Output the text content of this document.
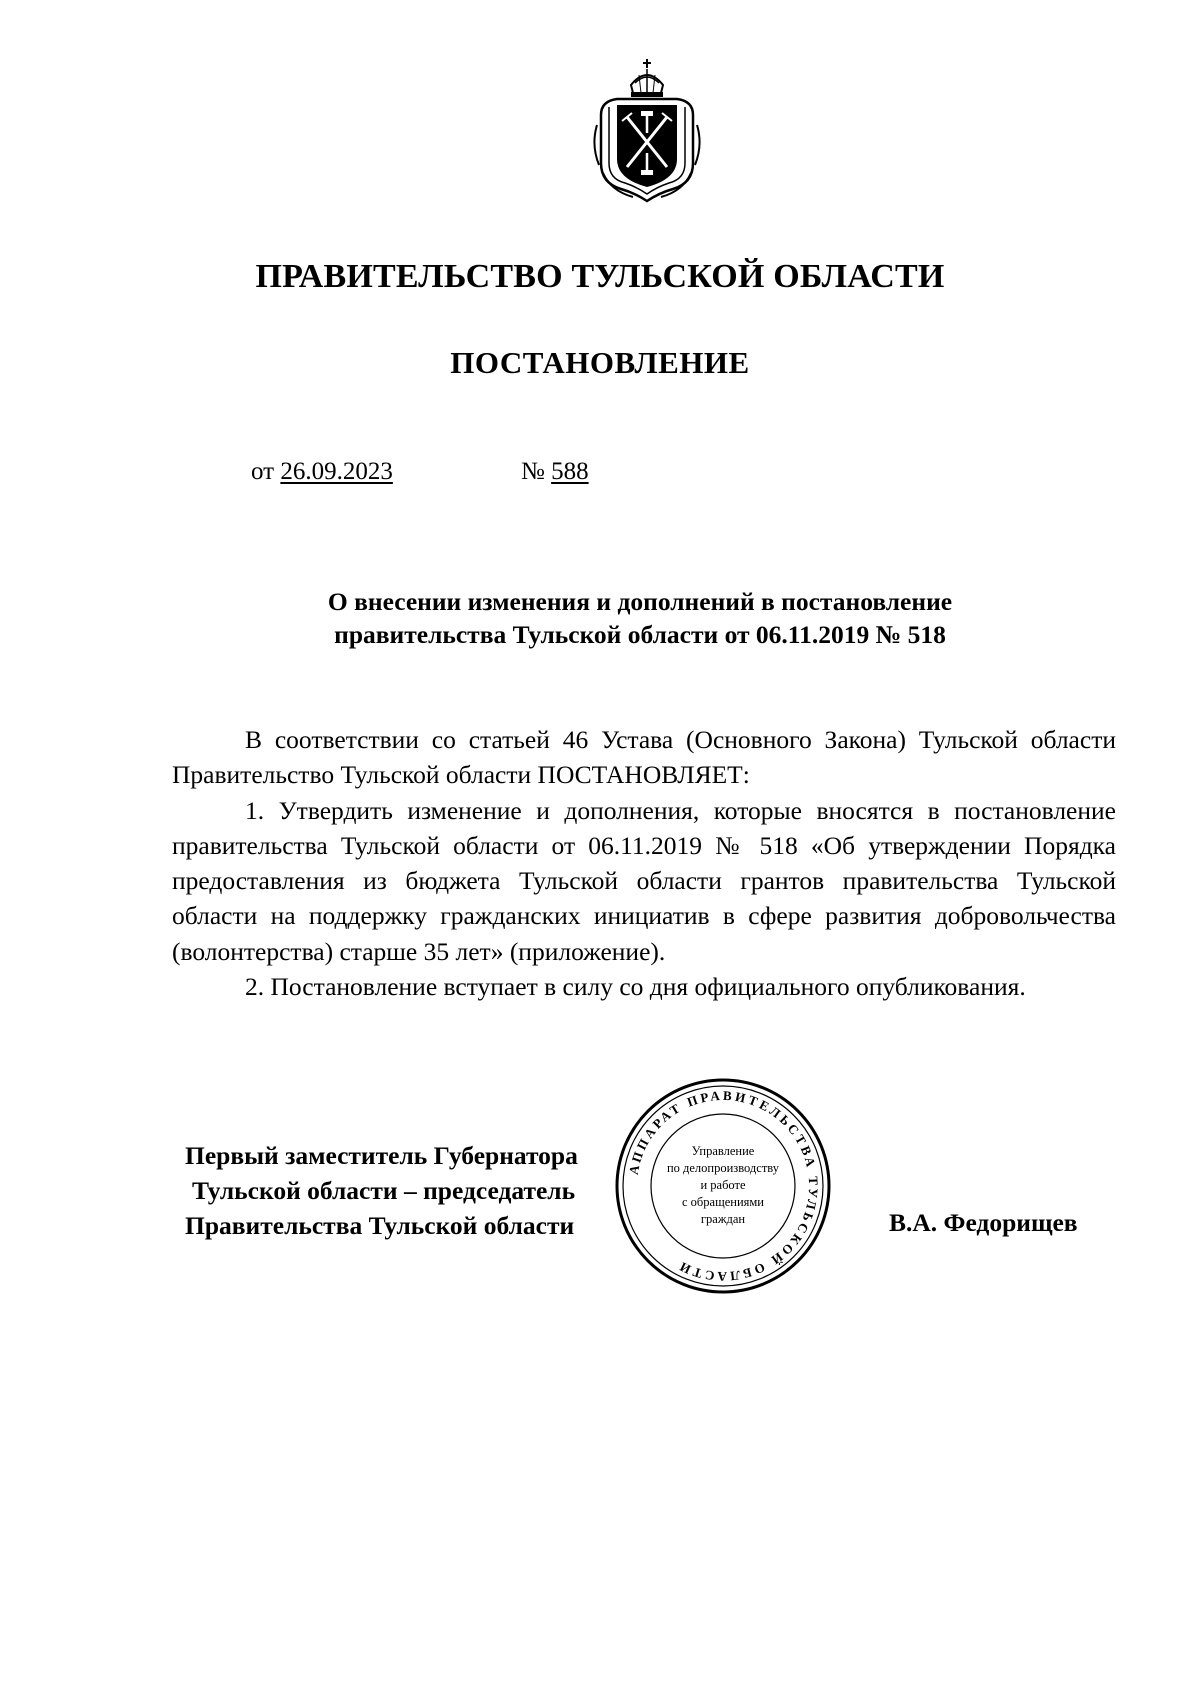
ПРАВИТЕЛЬСТВО ТУЛЬСКОЙ ОБЛАСТИ
ПОСТАНОВЛЕНИЕ
от 26.09.2023	№ 588
О внесении изменения и дополнений в постановление
правительства Тульской области от 06.11.2019 № 518

В соответствии со статьей 46 Устава (Основного Закона) Тульской области Правительство Тульской области ПОСТАНОВЛЯЕТ:

1. Утвердить изменение и дополнения, которые вносятся в постановление правительства Тульской области от 06.11.2019 № 518 «Об утверждении Порядка предоставления из бюджета Тульской области грантов правительства Тульской области на поддержку гражданских инициатив в сфере развития добровольчества (волонтерства) старше 35 лет» (приложение).

2. Постановление вступает в силу со дня официального опубликования.

Первый заместитель Губернатора
Тульской области – председатель
Правительства Тульской области	В.А. Федорищев
АППАРАТ ПРАВИТЕЛЬСТВА ТУЛЬСКОЙ ОБЛАСТИ
Управление
по делопроизводству
и работе
с обращениями
граждан
